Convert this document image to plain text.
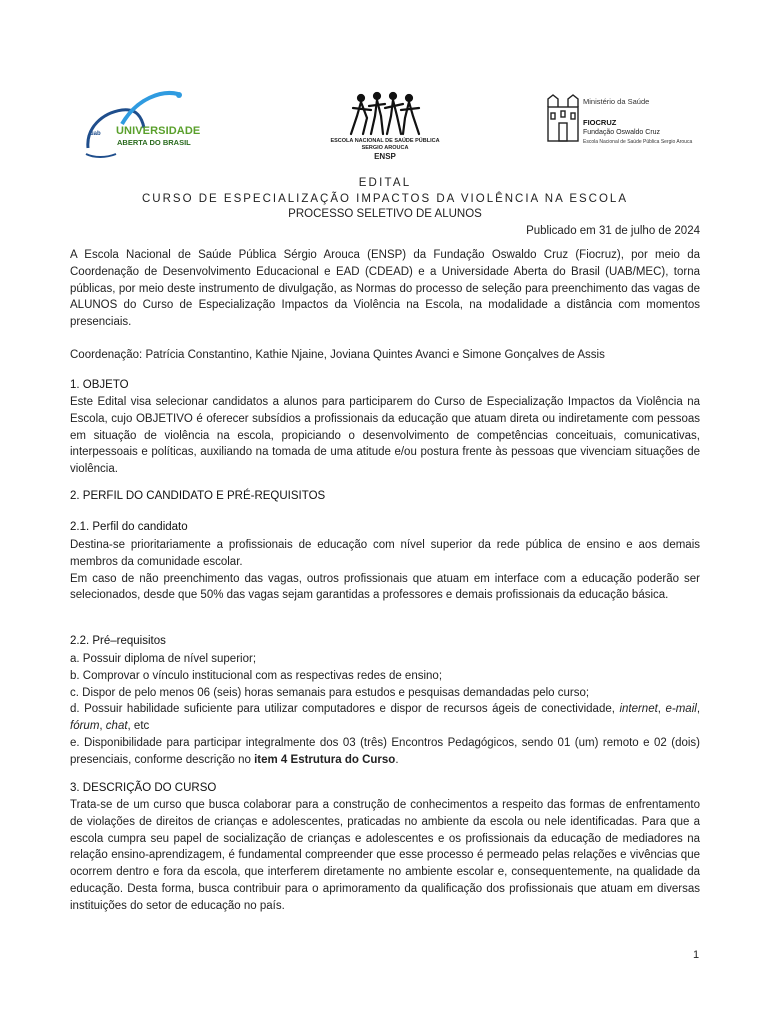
uab UNIVERSIDADE
ABERTA DO BRASIL	ESCOLA NACIONAL DE SAÚDE PÚBLICA
SERGIO AROUCA
ENSP
Ministério da Saúde
FIOCRUZ
Fundação Oswaldo Cruz
Escola Nacional de Saúde Pública Sergio Arouca
EDITAL
CURSO DE ESPECIALIZAÇÃO IMPACTOS DA VIOLÊNCIA NA ESCOLA
PROCESSO SELETIVO DE ALUNOS
Publicado em 31 de julho de 2024

A Escola Nacional de Saúde Pública Sérgio Arouca (ENSP) da Fundação Oswaldo Cruz (Fiocruz), por meio da Coordenação de Desenvolvimento Educacional e EAD (CDEAD) e a Universidade Aberta do Brasil (UAB/MEC), torna públicas, por meio deste instrumento de divulgação, as Normas do processo de seleção para preenchimento das vagas de ALUNOS do Curso de Especialização Impactos da Violência na Escola, na modalidade a distância com momentos presenciais.

Coordenação: Patrícia Constantino, Kathie Njaine, Joviana Quintes Avanci e Simone Gonçalves de Assis

1. OBJETO

Este Edital visa selecionar candidatos a alunos para participarem do Curso de Especialização Impactos da Violência na Escola, cujo OBJETIVO é oferecer subsídios a profissionais da educação que atuam direta ou indiretamente com pessoas em situação de violência na escola, propiciando o desenvolvimento de competências conceituais, comunicativas, interpessoais e políticas, auxiliando na tomada de uma atitude e/ou postura frente às pessoas que vivenciam situações de violência.

2. PERFIL DO CANDIDATO E PRÉ-REQUISITOS
2.1. Perfil do candidato

Destina-se prioritariamente a profissionais de educação com nível superior da rede pública de ensino e aos demais membros da comunidade escolar.

Em caso de não preenchimento das vagas, outros profissionais que atuam em interface com a educação poderão ser selecionados, desde que 50% das vagas sejam garantidas a professores e demais profissionais da educação básica.

2.2. Pré–requisitos

a. Possuir diploma de nível superior;

b. Comprovar o vínculo institucional com as respectivas redes de ensino;

c. Dispor de pelo menos 06 (seis) horas semanais para estudos e pesquisas demandadas pelo curso;

d. Possuir habilidade suficiente para utilizar computadores e dispor de recursos ágeis de conectividade, internet, e-mail, fórum, chat, etc

e. Disponibilidade para participar integralmente dos 03 (três) Encontros Pedagógicos, sendo 01 (um) remoto e 02 (dois) presenciais, conforme descrição no item 4 Estrutura do Curso.

3. DESCRIÇÃO DO CURSO

Trata-se de um curso que busca colaborar para a construção de conhecimentos a respeito das formas de enfrentamento de violações de direitos de crianças e adolescentes, praticadas no ambiente da escola ou nele identificadas. Para que a escola cumpra seu papel de socialização de crianças e adolescentes e os profissionais da educação de mediadores na relação ensino-aprendizagem, é fundamental compreender que esse processo é permeado pelas relações e vivências que ocorrem dentro e fora da escola, que interferem diretamente no ambiente escolar e, consequentemente, na qualidade da educação. Desta forma, busca contribuir para o aprimoramento da qualificação dos profissionais que atuam em diversas instituições do setor de educação no país.

1
